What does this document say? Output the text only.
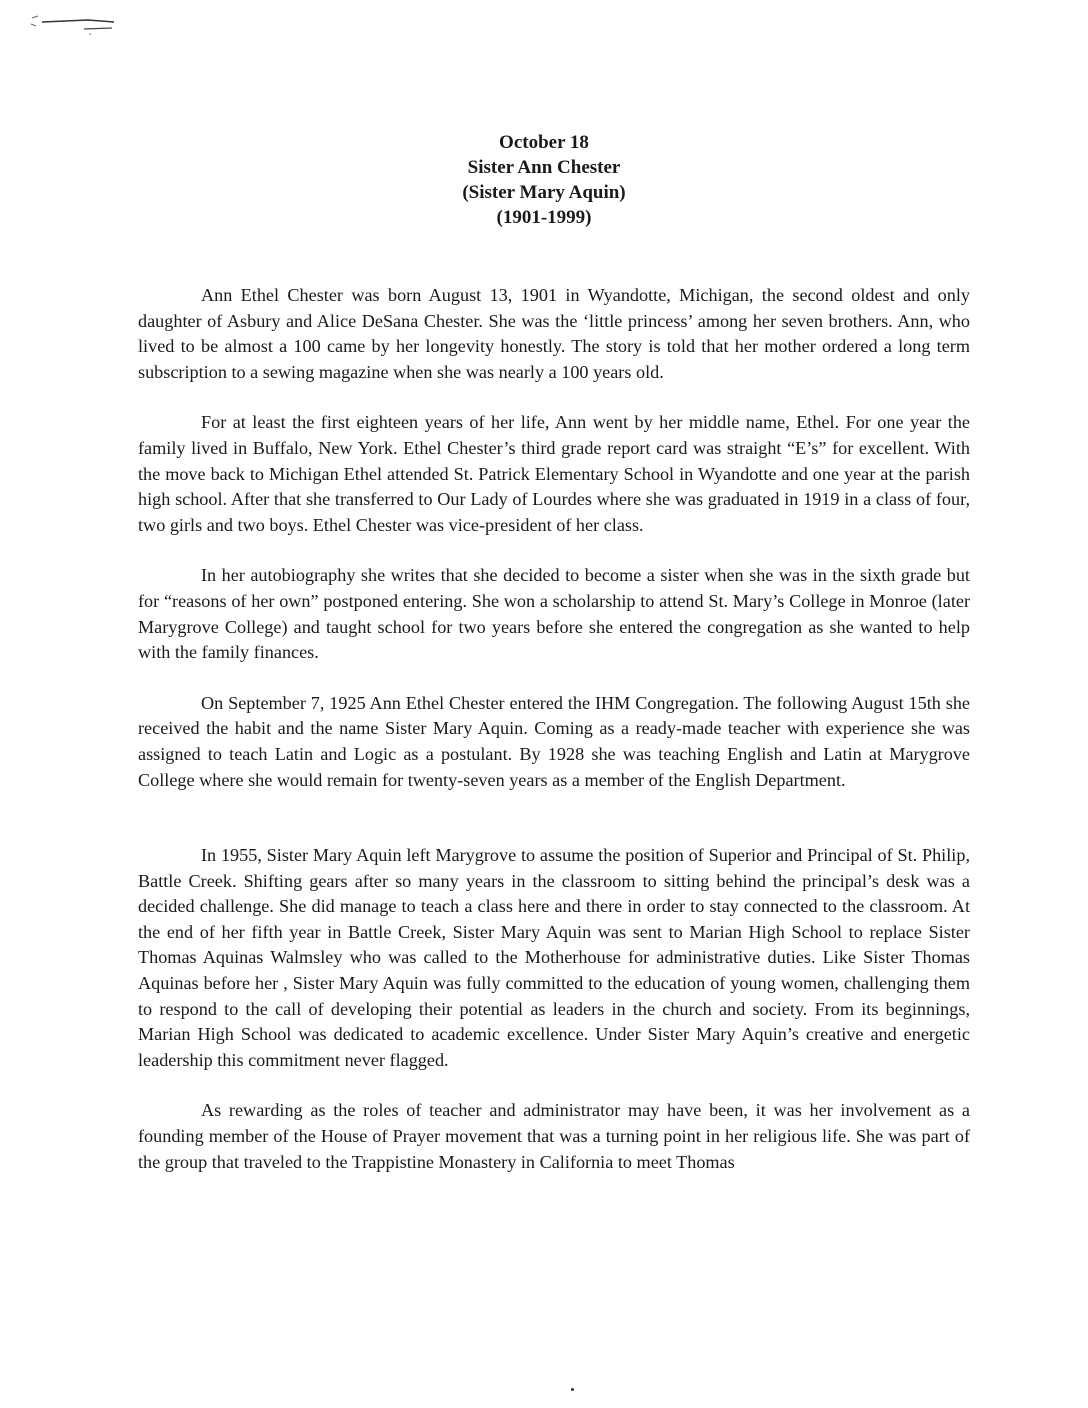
October 18
Sister Ann Chester
(Sister Mary Aquin)
(1901-1999)

Ann Ethel Chester was born August 13, 1901 in Wyandotte, Michigan, the second oldest and only daughter of Asbury and Alice DeSana Chester. She was the ‘little princess’ among her seven brothers. Ann, who lived to be almost a 100 came by her longevity honestly. The story is told that her mother ordered a long term subscription to a sewing magazine when she was nearly a 100 years old.

For at least the first eighteen years of her life, Ann went by her middle name, Ethel. For one year the family lived in Buffalo, New York. Ethel Chester’s third grade report card was straight “E’s” for excellent. With the move back to Michigan Ethel attended St. Patrick Elementary School in Wyandotte and one year at the parish high school. After that she transferred to Our Lady of Lourdes where she was graduated in 1919 in a class of four, two girls and two boys. Ethel Chester was vice-president of her class.

In her autobiography she writes that she decided to become a sister when she was in the sixth grade but for “reasons of her own” postponed entering. She won a scholarship to attend St. Mary’s College in Monroe (later Marygrove College) and taught school for two years before she entered the congregation as she wanted to help with the family finances.

On September 7, 1925 Ann Ethel Chester entered the IHM Congregation. The following August 15th she received the habit and the name Sister Mary Aquin. Coming as a ready-made teacher with experience she was assigned to teach Latin and Logic as a postulant. By 1928 she was teaching English and Latin at Marygrove College where she would remain for twenty-seven years as a member of the English Department.

In 1955, Sister Mary Aquin left Marygrove to assume the position of Superior and Principal of St. Philip, Battle Creek. Shifting gears after so many years in the classroom to sitting behind the principal’s desk was a decided challenge. She did manage to teach a class here and there in order to stay connected to the classroom. At the end of her fifth year in Battle Creek, Sister Mary Aquin was sent to Marian High School to replace Sister Thomas Aquinas Walmsley who was called to the Motherhouse for administrative duties. Like Sister Thomas Aquinas before her , Sister Mary Aquin was fully committed to the education of young women, challenging them to respond to the call of developing their potential as leaders in the church and society. From its beginnings, Marian High School was dedicated to academic excellence. Under Sister Mary Aquin’s creative and energetic leadership this commitment never flagged.

As rewarding as the roles of teacher and administrator may have been, it was her involvement as a founding member of the House of Prayer movement that was a turning point in her religious life. She was part of the group that traveled to the Trappistine Monastery in California to meet Thomas
